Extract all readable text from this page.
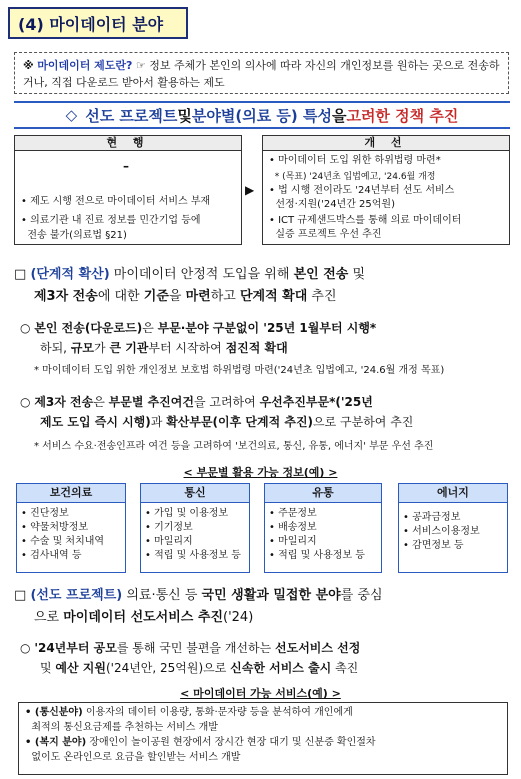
(4) 마이데이터 분야
※ 마이데이터 제도란? ☞ 정보 주체가 본인의 의사에 따라 자신의 개인정보를 원하는 곳으로 전송하거나, 직접 다운로드 받아서 활용하는 제도
◇ 선도 프로젝트 및 분야별(의료 등) 특성 을 고려한 정책 추진
현 행	개 선
–
• 제도 시행 전으로 마이데이터 서비스 부재
• 의료기관 내 진료 정보를 민간기업 등에
전송 불가(의료법 §21)
▶
• 마이데이터 도입 위한 하위법령 마련*
* (목표) '24년초 입법예고, '24.6월 개정
• 법 시행 전이라도 '24년부터 선도 서비스
선정·지원('24년간 25억원)
• ICT 규제샌드박스를 통해 의료 마이데이터
실증 프로젝트 우선 추진
□ (단계적 확산) 마이데이터 안정적 도입을 위해 본인 전송 및
제3자 전송에 대한 기준을 마련하고 단계적 확대 추진
○ 본인 전송(다운로드)은 부문·분야 구분없이 '25년 1월부터 시행*
하되, 규모가 큰 기관부터 시작하여 점진적 확대
* 마이데이터 도입 위한 개인정보 보호법 하위법령 마련('24년초 입법예고, '24.6월 개정 목표)
○ 제3자 전송은 부문별 추진여건을 고려하여 우선추진부문*('25년
제도 도입 즉시 시행)과 확산부문(이후 단계적 추진)으로 구분하여 추진
* 서비스 수요·전송인프라 여건 등을 고려하여 '보건의료, 통신, 유통, 에너지' 부문 우선 추진
< 부문별 활용 가능 정보(예) >
보건의료
• 진단정보
• 약물처방정보
• 수술 및 처치내역
• 검사내역 등
통신
• 가입 및 이용정보
• 기기정보
• 마일리지
• 적립 및 사용정보 등
유통
• 주문정보
• 배송정보
• 마일리지
• 적립 및 사용정보 등
에너지
• 공과금정보
• 서비스이용정보
• 감면정보 등
□ (선도 프로젝트) 의료·통신 등 국민 생활과 밀접한 분야를 중심
으로 마이데이터 선도서비스 추진('24)
○ '24년부터 공모를 통해 국민 불편을 개선하는 선도서비스 선정
및 예산 지원('24년안, 25억원)으로 신속한 서비스 출시 촉진
< 마이데이터 가능 서비스(예) >
• (통신분야) 이용자의 데이터 이용량, 통화·문자량 등을 분석하여 개인에게
최적의 통신요금제를 추천하는 서비스 개발
• (복지 분야) 장애인이 놀이공원 현장에서 장시간 현장 대기 및 신분증 확인절차
없이도 온라인으로 요금을 할인받는 서비스 개발
